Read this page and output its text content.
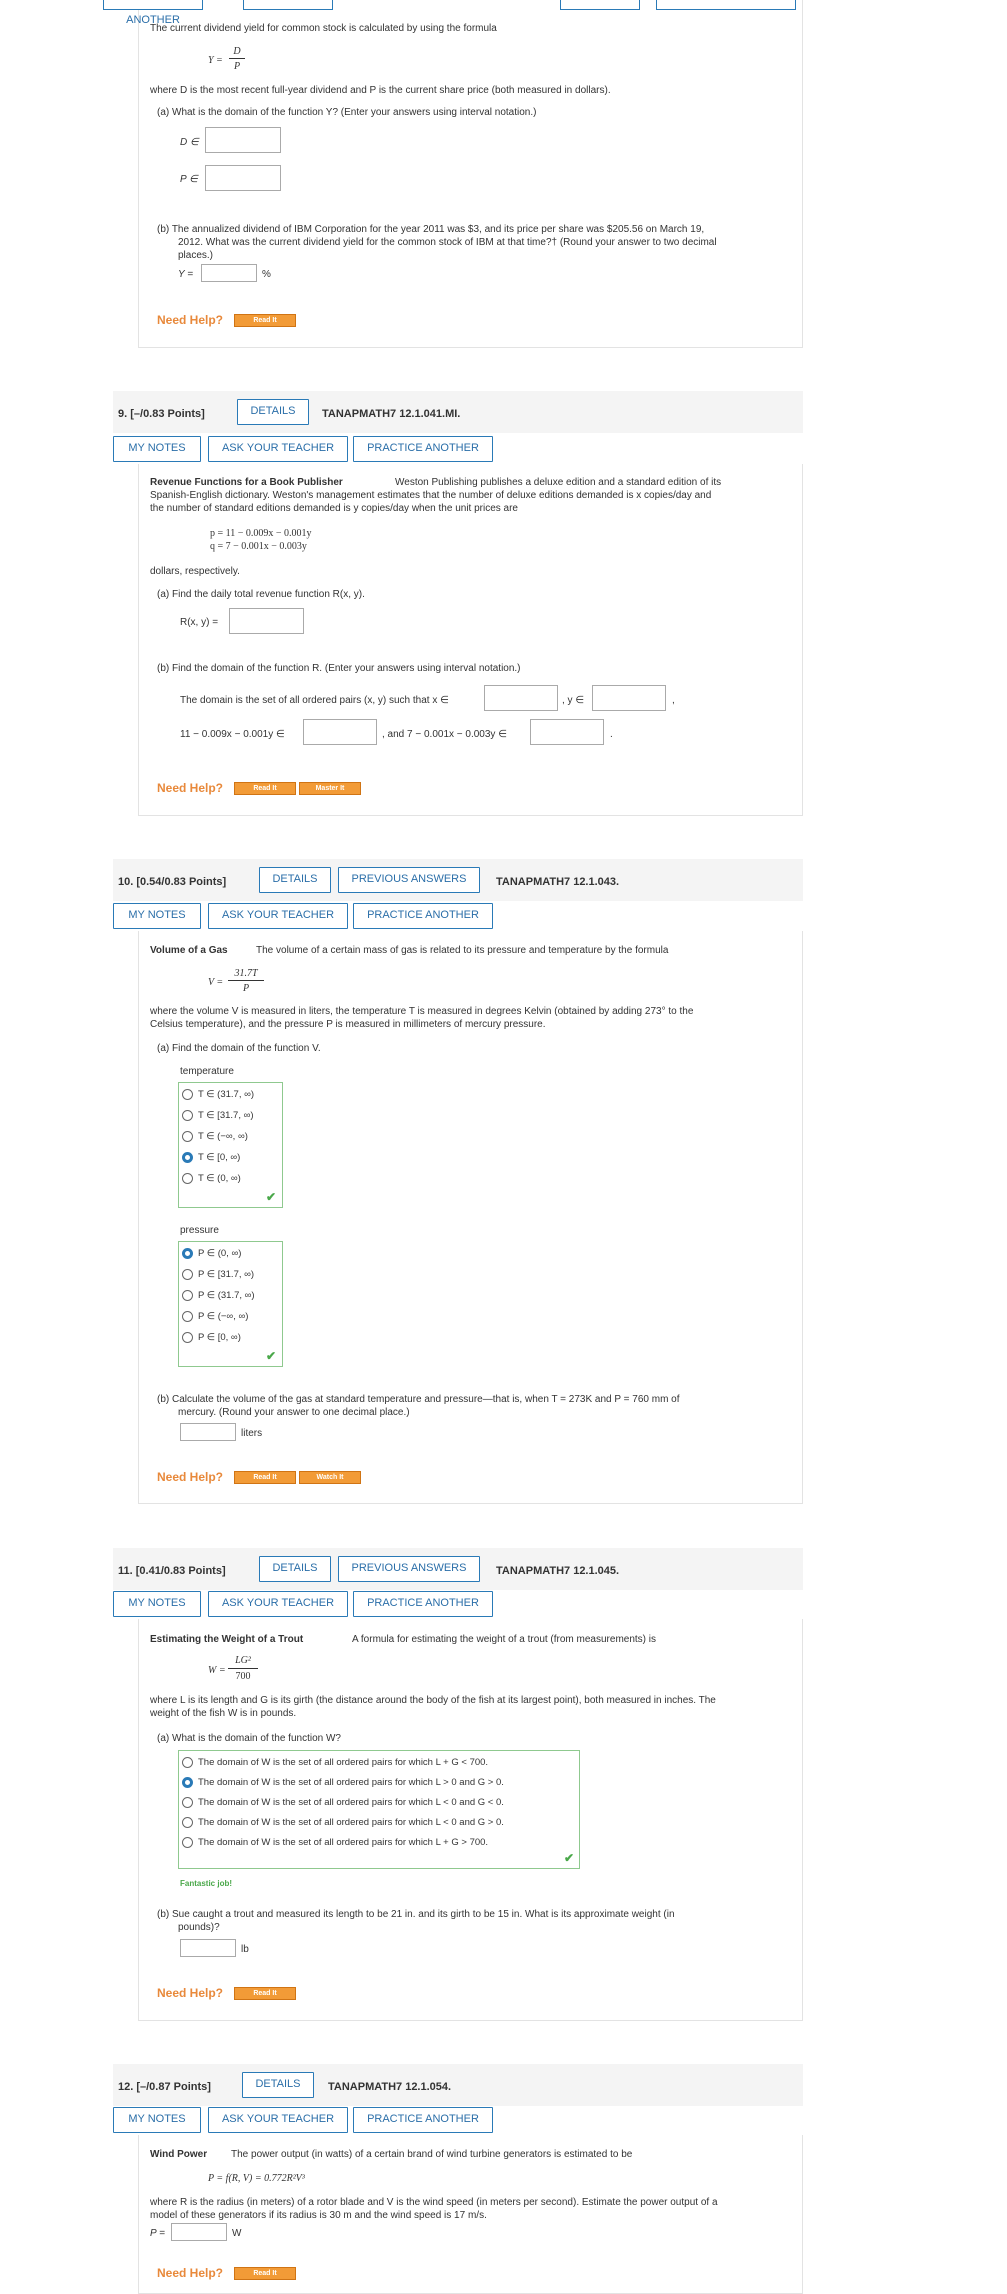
ANOTHER
The current dividend yield for common stock is calculated by using the formula
Y =
D
P
where D is the most recent full-year dividend and P is the current share price (both measured in dollars).
(a) What is the domain of the function Y? (Enter your answers using interval notation.)
D ∈
P ∈
(b) The annualized dividend of IBM Corporation for the year 2011 was $3, and its price per share was $205.56 on March 19,
2012. What was the current dividend yield for the common stock of IBM at that time?† (Round your answer to two decimal
places.)
Y =	%
Need Help?	Read It
9. [–/0.83 Points]	DETAILS	TANAPMATH7 12.1.041.MI.
MY NOTES	ASK YOUR TEACHER	PRACTICE ANOTHER
Revenue Functions for a Book Publisher	Weston Publishing publishes a deluxe edition and a standard edition of its
Spanish-English dictionary. Weston's management estimates that the number of deluxe editions demanded is x copies/day and
the number of standard editions demanded is y copies/day when the unit prices are
p = 11 − 0.009x − 0.001y
q = 7 − 0.001x − 0.003y
dollars, respectively.
(a) Find the daily total revenue function R(x, y).
R(x, y) =
(b) Find the domain of the function R. (Enter your answers using interval notation.)
The domain is the set of all ordered pairs (x, y) such that x ∈	, y ∈	,
11 − 0.009x − 0.001y ∈	, and 7 − 0.001x − 0.003y ∈	.
Need Help?	Read It	Master It
10. [0.54/0.83 Points]	DETAILS	PREVIOUS ANSWERS	TANAPMATH7 12.1.043.
MY NOTES	ASK YOUR TEACHER	PRACTICE ANOTHER
Volume of a Gas	The volume of a certain mass of gas is related to its pressure and temperature by the formula
V =
31.7T
P
where the volume V is measured in liters, the temperature T is measured in degrees Kelvin (obtained by adding 273° to the
Celsius temperature), and the pressure P is measured in millimeters of mercury pressure.
(a) Find the domain of the function V.
temperature
T ∈ (31.7, ∞)
T ∈ [31.7, ∞)
T ∈ (−∞, ∞)
T ∈ [0, ∞)
T ∈ (0, ∞)
✔
pressure
P ∈ (0, ∞)
P ∈ [31.7, ∞)
P ∈ (31.7, ∞)
P ∈ (−∞, ∞)
P ∈ [0, ∞)
✔
(b) Calculate the volume of the gas at standard temperature and pressure—that is, when T = 273K and P = 760 mm of
mercury. (Round your answer to one decimal place.)
liters
Need Help?	Read It	Watch It
11. [0.41/0.83 Points]	DETAILS	PREVIOUS ANSWERS	TANAPMATH7 12.1.045.
MY NOTES	ASK YOUR TEACHER	PRACTICE ANOTHER
Estimating the Weight of a Trout	A formula for estimating the weight of a trout (from measurements) is
W =
LG²
700
where L is its length and G is its girth (the distance around the body of the fish at its largest point), both measured in inches. The
weight of the fish W is in pounds.
(a) What is the domain of the function W?
The domain of W is the set of all ordered pairs for which L + G < 700.
The domain of W is the set of all ordered pairs for which L > 0 and G > 0.
The domain of W is the set of all ordered pairs for which L < 0 and G < 0.
The domain of W is the set of all ordered pairs for which L < 0 and G > 0.
The domain of W is the set of all ordered pairs for which L + G > 700.
✔
Fantastic job!
(b) Sue caught a trout and measured its length to be 21 in. and its girth to be 15 in. What is its approximate weight (in
pounds)?
lb
Need Help?	Read It
12. [–/0.87 Points]	DETAILS	TANAPMATH7 12.1.054.
MY NOTES	ASK YOUR TEACHER	PRACTICE ANOTHER
Wind Power The power output (in watts) of a certain brand of wind turbine generators is estimated to be
P = f(R, V) = 0.772R²V³
where R is the radius (in meters) of a rotor blade and V is the wind speed (in meters per second). Estimate the power output of a
model of these generators if its radius is 30 m and the wind speed is 17 m/s.
P =	W
Need Help?	Read It
